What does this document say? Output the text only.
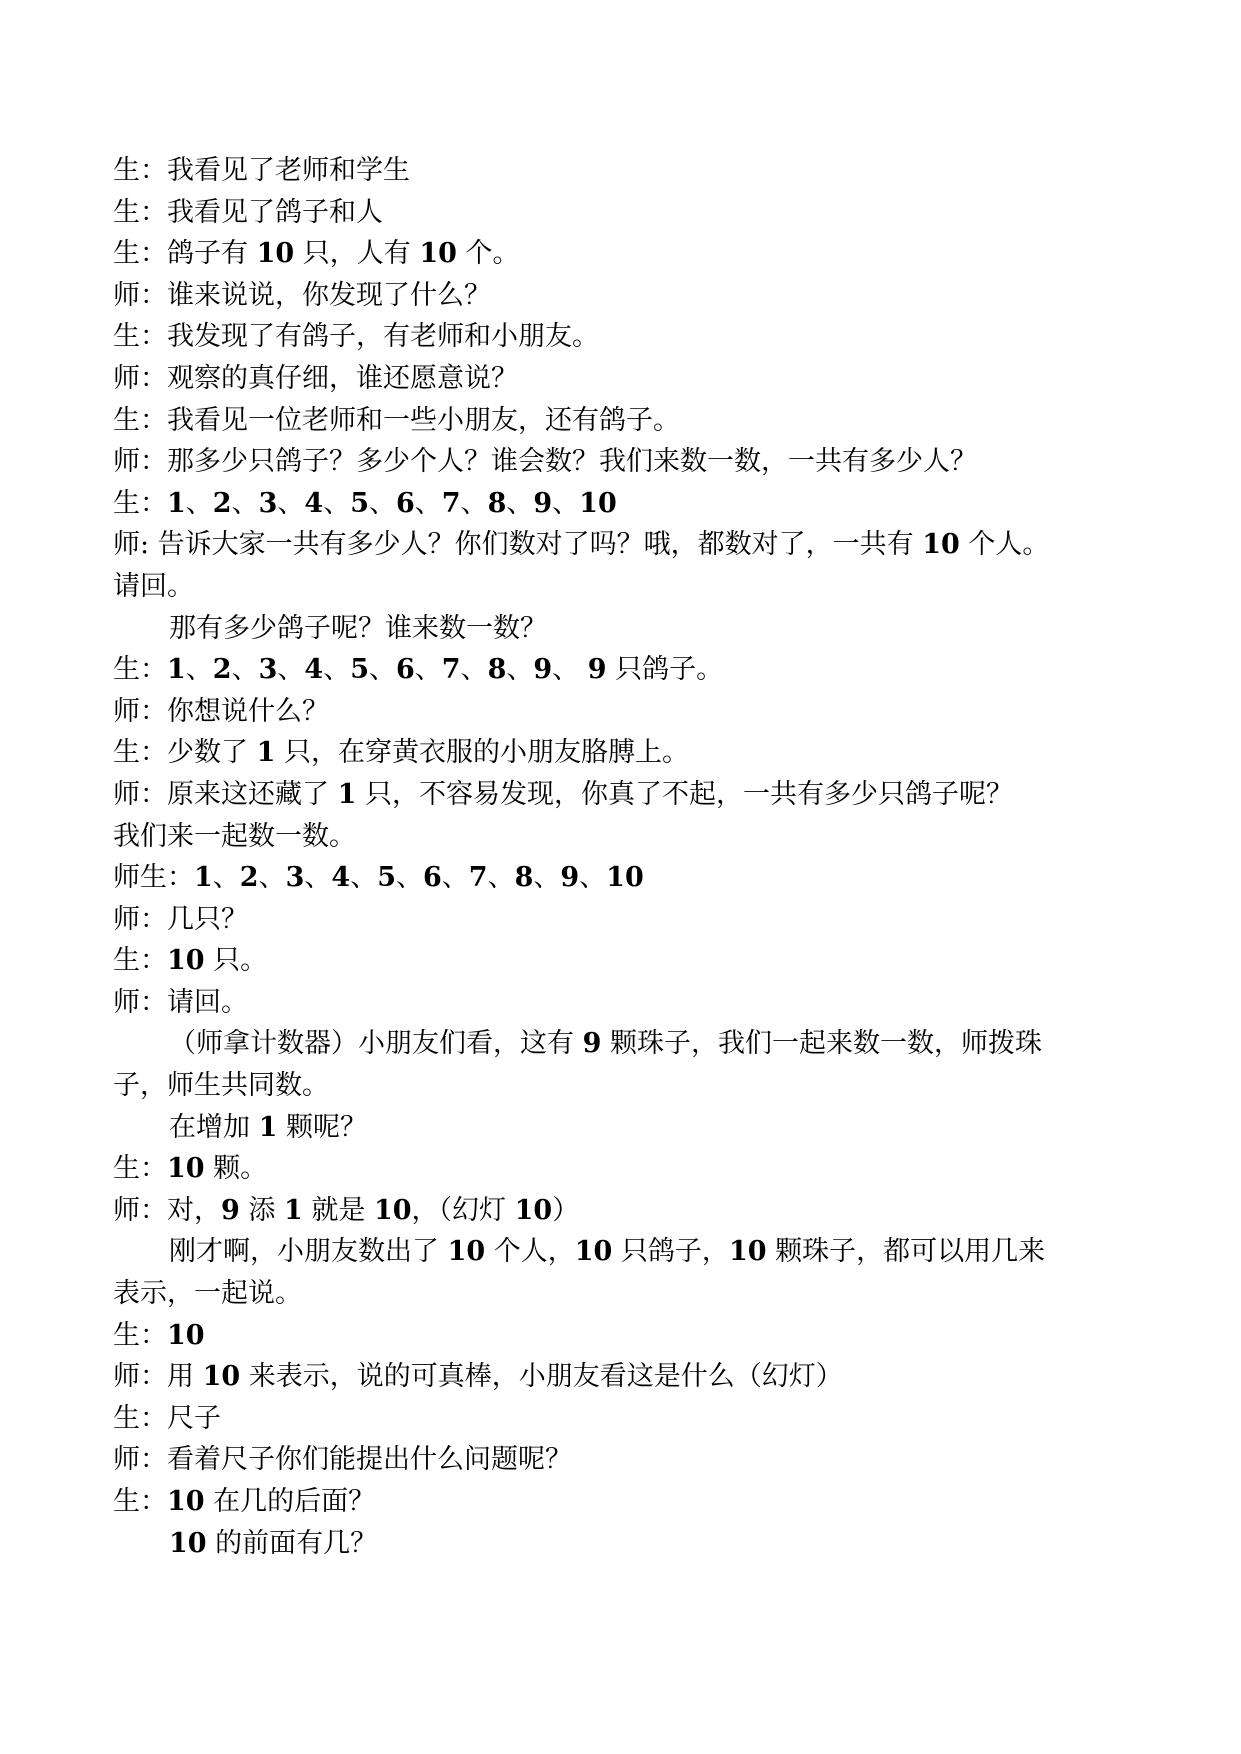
生：我看见了老师和学生
生：我看见了鸽子和人
生：鸽子有 10 只，人有 10 个。
师：谁来说说，你发现了什么？
生：我发现了有鸽子，有老师和小朋友。
师：观察的真仔细，谁还愿意说？
生：我看见一位老师和一些小朋友，还有鸽子。
师：那多少只鸽子？多少个人？谁会数？我们来数一数，一共有多少人？
生：1、2、3、4、5、6、7、8、9、10
师: 告诉大家一共有多少人？你们数对了吗？哦，都数对了，一共有 10 个人。
请回。
那有多少鸽子呢？谁来数一数？
生：1、2、3、4、5、6、7、8、9、 9 只鸽子。
师：你想说什么？
生：少数了 1 只，在穿黄衣服的小朋友胳膊上。
师：原来这还藏了 1 只，不容易发现，你真了不起，一共有多少只鸽子呢？
我们来一起数一数。
师生：1、2、3、4、5、6、7、8、9、10
师：几只？
生：10 只。
师：请回。
（师拿计数器）小朋友们看，这有 9 颗珠子，我们一起来数一数，师拨珠
子，师生共同数。
在增加 1 颗呢？
生：10 颗。
师：对，9 添 1 就是 10，（幻灯 10）
刚才啊，小朋友数出了 10 个人，10 只鸽子，10 颗珠子，都可以用几来
表示，一起说。
生：10
师：用 10 来表示，说的可真棒，小朋友看这是什么（幻灯）
生：尺子
师：看着尺子你们能提出什么问题呢？
生：10 在几的后面？
10 的前面有几？
